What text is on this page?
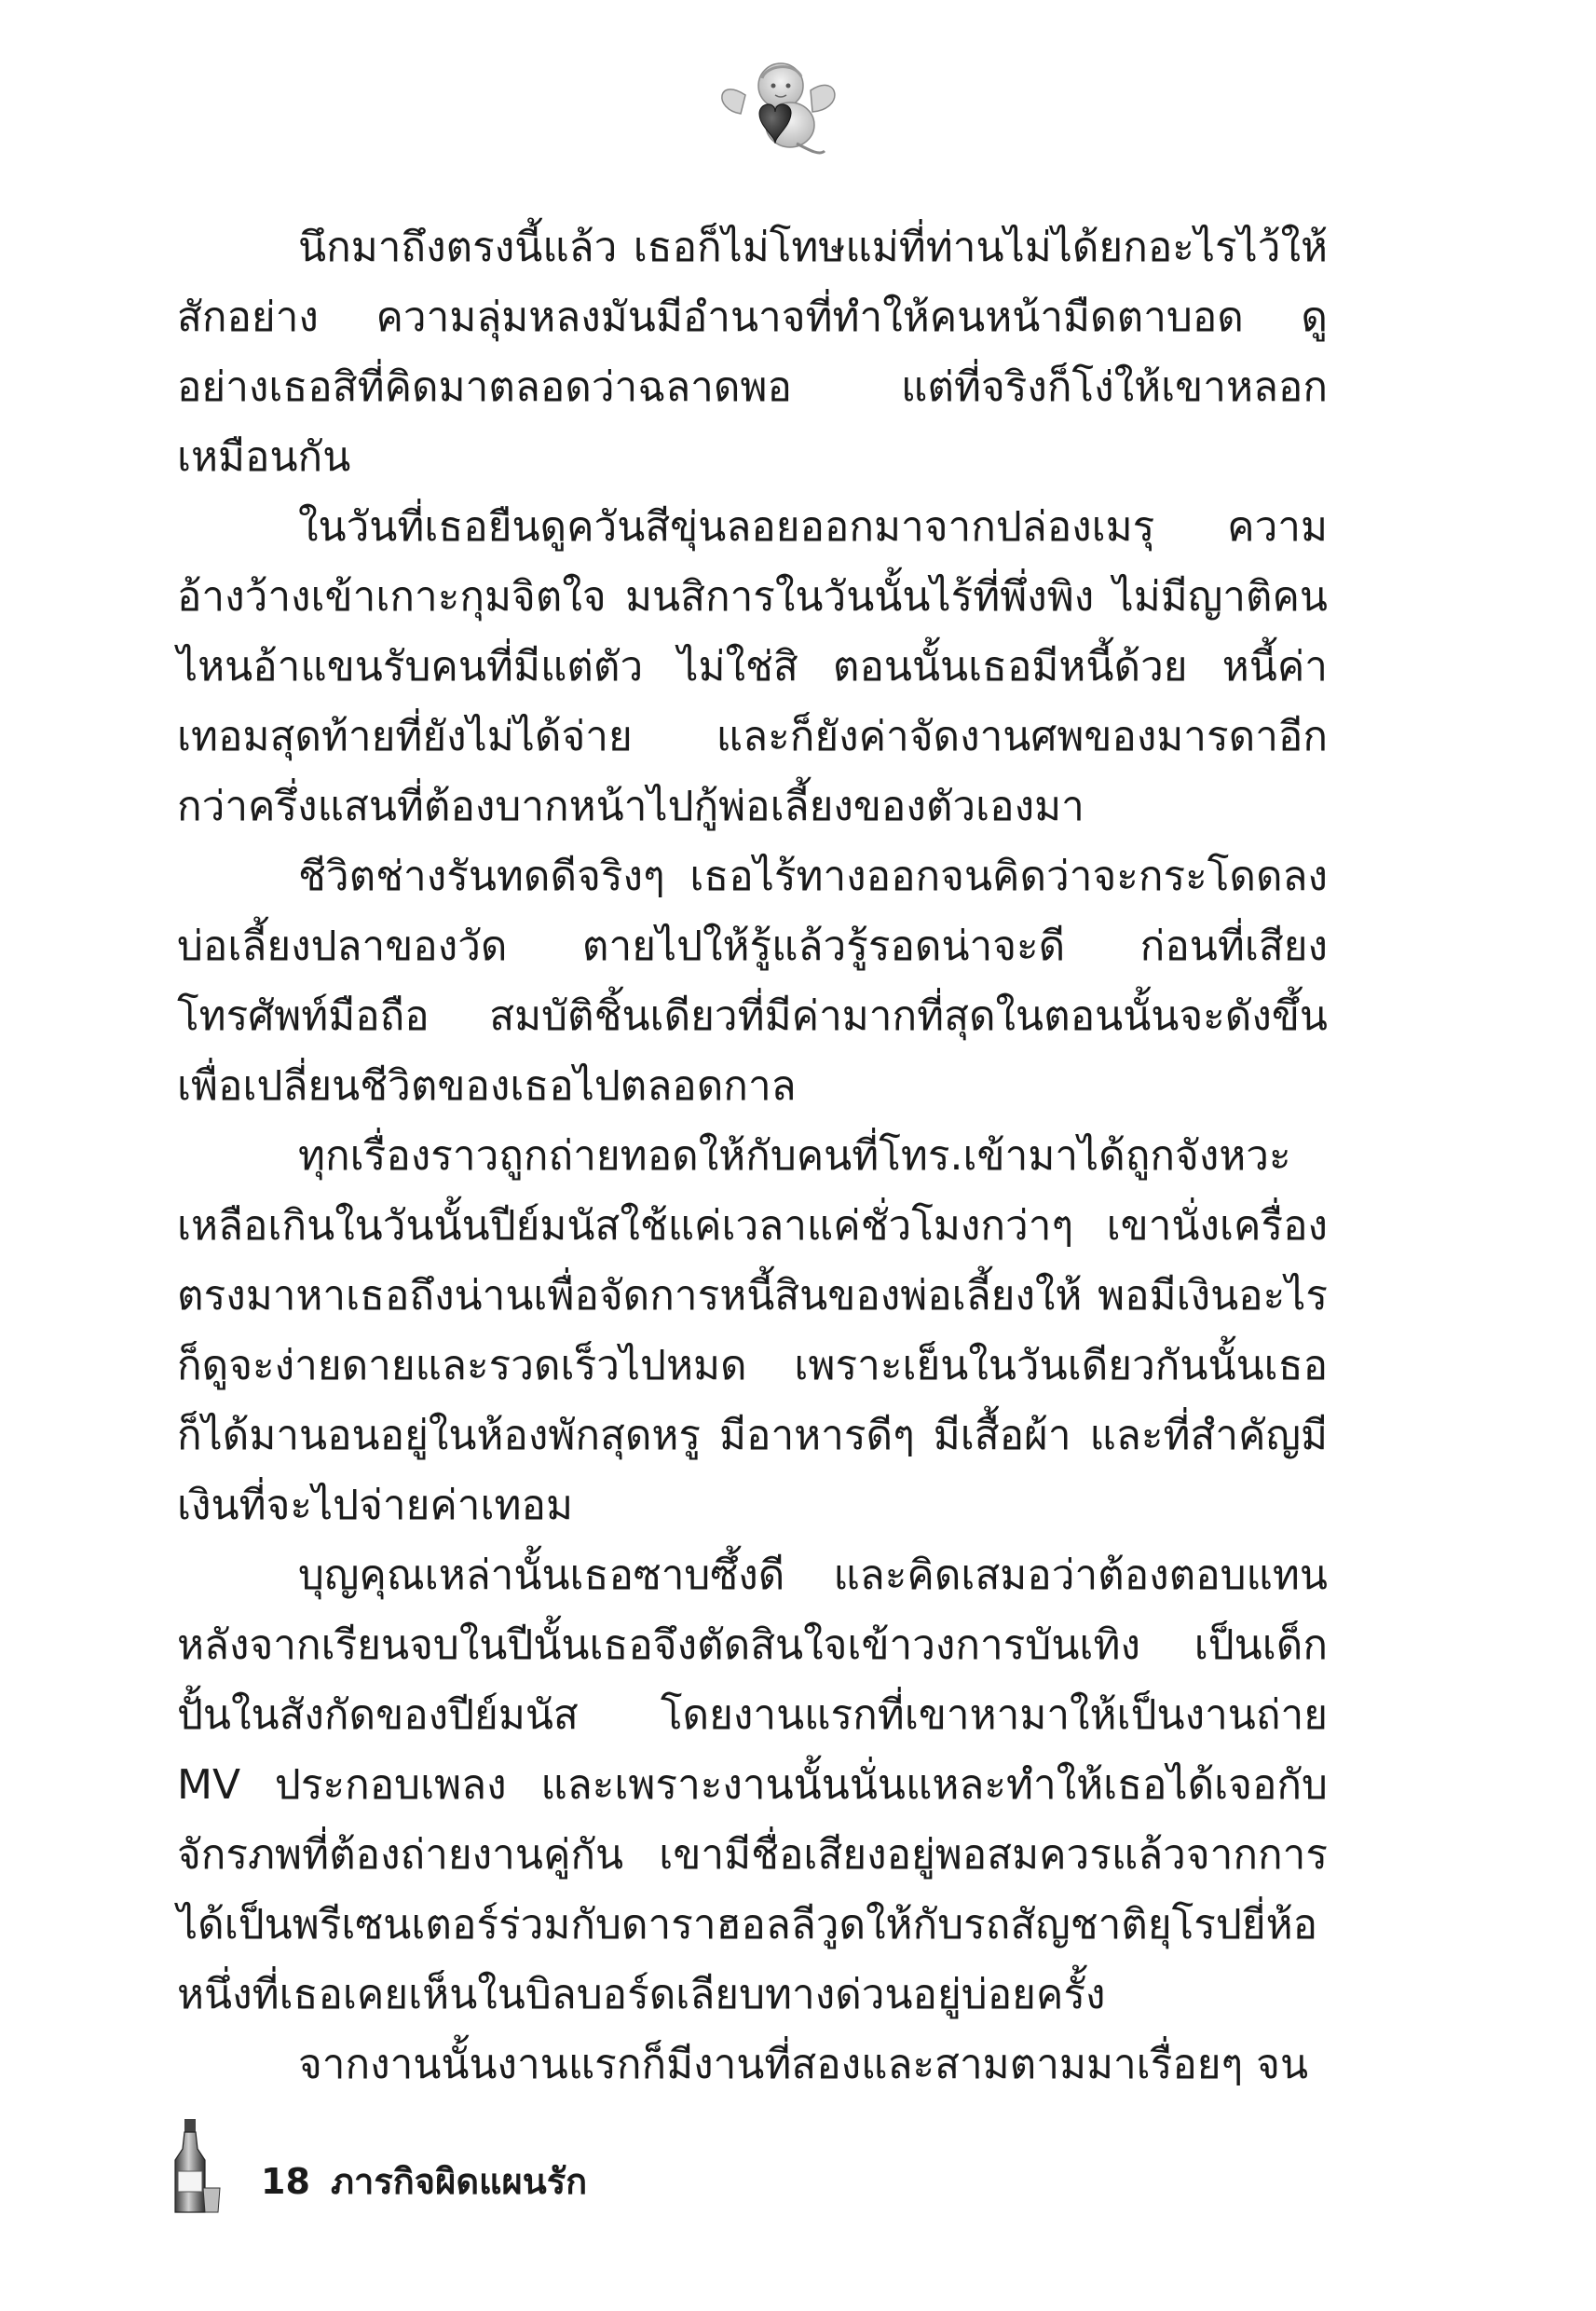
นึกมาถึงตรงนี้แล้ว เธอก็ไม่โทษแม่ที่ท่านไม่ได้ยกอะไรไว้ให้สักอย่าง ความลุ่มหลงมันมีอำนาจที่ทำให้คนหน้ามืดตาบอด ดูอย่างเธอสิที่คิดมาตลอดว่าฉลาดพอ แต่ที่จริงก็โง่ให้เขาหลอกเหมือนกัน

ในวันที่เธอยืนดูควันสีขุ่นลอยออกมาจากปล่องเมรุ ความอ้างว้างเข้าเกาะกุมจิตใจ มนสิการในวันนั้นไร้ที่พึ่งพิง ไม่มีญาติคนไหนอ้าแขนรับคนที่มีแต่ตัว ไม่ใช่สิ ตอนนั้นเธอมีหนี้ด้วย หนี้ค่าเทอมสุดท้ายที่ยังไม่ได้จ่าย และก็ยังค่าจัดงานศพของมารดาอีกกว่าครึ่งแสนที่ต้องบากหน้าไปกู้พ่อเลี้ยงของตัวเองมา

ชีวิตช่างรันทดดีจริงๆ เธอไร้ทางออกจนคิดว่าจะกระโดดลงบ่อเลี้ยงปลาของวัด ตายไปให้รู้แล้วรู้รอดน่าจะดี ก่อนที่เสียงโทรศัพท์มือถือ สมบัติชิ้นเดียวที่มีค่ามากที่สุดในตอนนั้นจะดังขึ้นเพื่อเปลี่ยนชีวิตของเธอไปตลอดกาล

ทุกเรื่องราวถูกถ่ายทอดให้กับคนที่โทร.เข้ามาได้ถูกจังหวะเหลือเกินในวันนั้นปีย์มนัสใช้แค่เวลาแค่ชั่วโมงกว่าๆ เขานั่งเครื่องตรงมาหาเธอถึงน่านเพื่อจัดการหนี้สินของพ่อเลี้ยงให้ พอมีเงินอะไรก็ดูจะง่ายดายและรวดเร็วไปหมด เพราะเย็นในวันเดียวกันนั้นเธอก็ได้มานอนอยู่ในห้องพักสุดหรู มีอาหารดีๆ มีเสื้อผ้า และที่สำคัญมีเงินที่จะไปจ่ายค่าเทอม

บุญคุณเหล่านั้นเธอซาบซึ้งดี และคิดเสมอว่าต้องตอบแทนหลังจากเรียนจบในปีนั้นเธอจึงตัดสินใจเข้าวงการบันเทิง เป็นเด็กปั้นในสังกัดของปีย์มนัส โดยงานแรกที่เขาหามาให้เป็นงานถ่าย MV ประกอบเพลง และเพราะงานนั้นนั่นแหละทำให้เธอได้เจอกับจักรภพที่ต้องถ่ายงานคู่กัน เขามีชื่อเสียงอยู่พอสมควรแล้วจากการได้เป็นพรีเซนเตอร์ร่วมกับดาราฮอลลีวูดให้กับรถสัญชาติยุโรปยี่ห้อหนึ่งที่เธอเคยเห็นในบิลบอร์ดเลียบทางด่วนอยู่บ่อยครั้ง

จากงานนั้นงานแรกก็มีงานที่สองและสามตามมาเรื่อยๆ จน

18 ภารกิจผิดแผนรัก
